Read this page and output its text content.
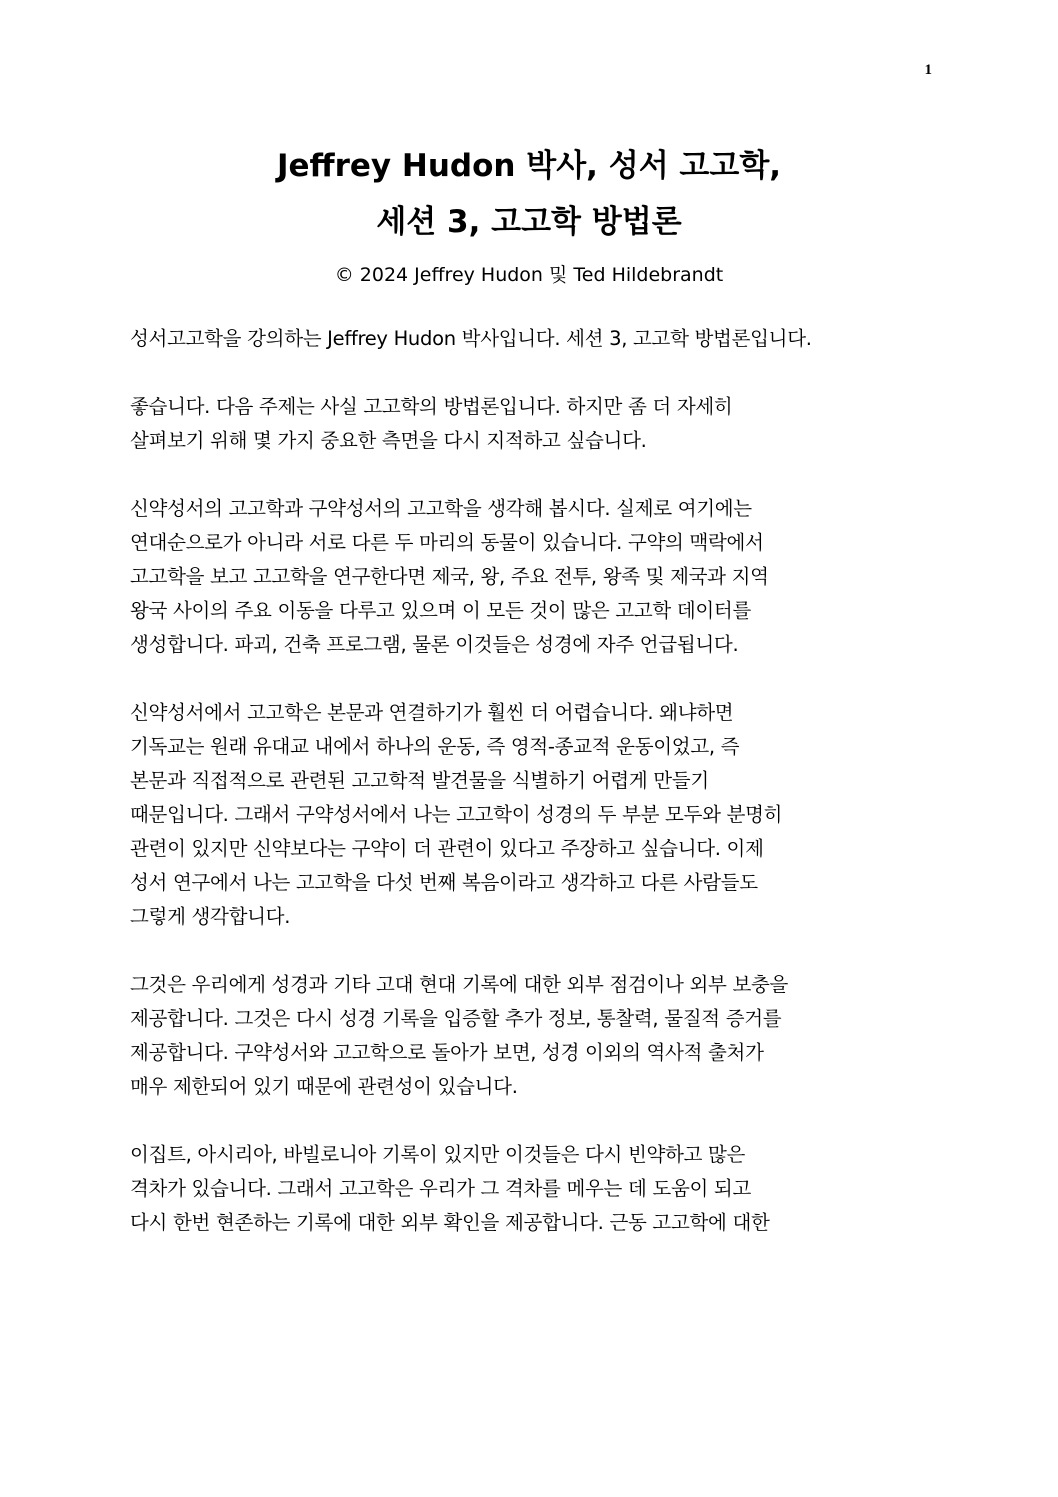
1
Jeffrey Hudon 박사, 성서 고고학,
세션 3, 고고학 방법론
© 2024 Jeffrey Hudon 및 Ted Hildebrandt

성서고고학을 강의하는 Jeffrey Hudon 박사입니다. 세션 3, 고고학 방법론입니다.

좋습니다. 다음 주제는 사실 고고학의 방법론입니다. 하지만 좀 더 자세히
살펴보기 위해 몇 가지 중요한 측면을 다시 지적하고 싶습니다.

신약성서의 고고학과 구약성서의 고고학을 생각해 봅시다. 실제로 여기에는
연대순으로가 아니라 서로 다른 두 마리의 동물이 있습니다. 구약의 맥락에서
고고학을 보고 고고학을 연구한다면 제국, 왕, 주요 전투, 왕족 및 제국과 지역
왕국 사이의 주요 이동을 다루고 있으며 이 모든 것이 많은 고고학 데이터를
생성합니다. 파괴, 건축 프로그램, 물론 이것들은 성경에 자주 언급됩니다.

신약성서에서 고고학은 본문과 연결하기가 훨씬 더 어렵습니다. 왜냐하면
기독교는 원래 유대교 내에서 하나의 운동, 즉 영적-종교적 운동이었고, 즉
본문과 직접적으로 관련된 고고학적 발견물을 식별하기 어렵게 만들기
때문입니다. 그래서 구약성서에서 나는 고고학이 성경의 두 부분 모두와 분명히
관련이 있지만 신약보다는 구약이 더 관련이 있다고 주장하고 싶습니다. 이제
성서 연구에서 나는 고고학을 다섯 번째 복음이라고 생각하고 다른 사람들도
그렇게 생각합니다.

그것은 우리에게 성경과 기타 고대 현대 기록에 대한 외부 점검이나 외부 보충을
제공합니다. 그것은 다시 성경 기록을 입증할 추가 정보, 통찰력, 물질적 증거를
제공합니다. 구약성서와 고고학으로 돌아가 보면, 성경 이외의 역사적 출처가
매우 제한되어 있기 때문에 관련성이 있습니다.

이집트, 아시리아, 바빌로니아 기록이 있지만 이것들은 다시 빈약하고 많은
격차가 있습니다. 그래서 고고학은 우리가 그 격차를 메우는 데 도움이 되고
다시 한번 현존하는 기록에 대한 외부 확인을 제공합니다. 근동 고고학에 대한
